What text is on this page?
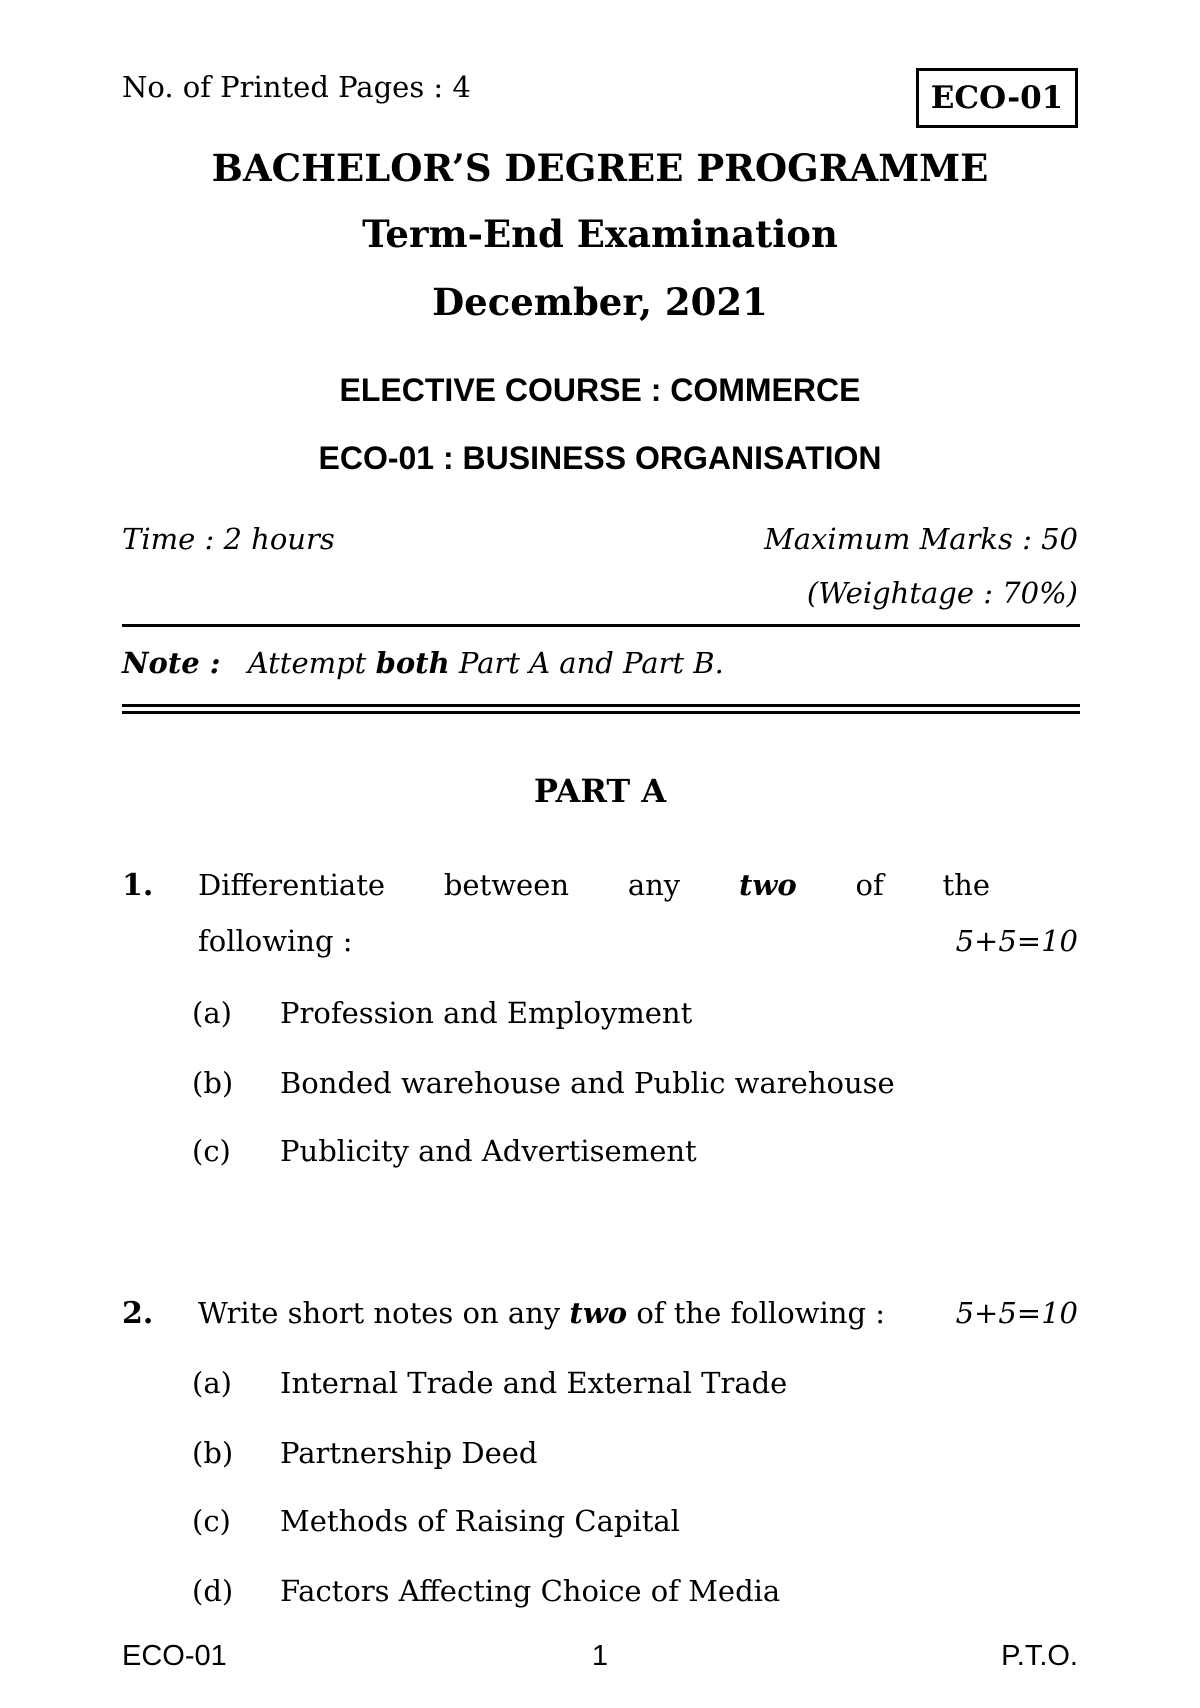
No. of Printed Pages : 4	ECO-01
BACHELOR’S DEGREE PROGRAMME
Term-End Examination
December, 2021
ELECTIVE COURSE : COMMERCE
ECO-01 : BUSINESS ORGANISATION
Time : 2 hours	Maximum Marks : 50
(Weightage : 70%)
Note : Attempt both Part A and Part B.
PART A
1. Differentiate between any two of the
following :	5+5=10
(a) Profession and Employment
(b) Bonded warehouse and Public warehouse
(c) Publicity and Advertisement
2. Write short notes on any two of the following : 5+5=10
(a) Internal Trade and External Trade
(b) Partnership Deed
(c) Methods of Raising Capital
(d) Factors Affecting Choice of Media
ECO-01	1	P.T.O.
